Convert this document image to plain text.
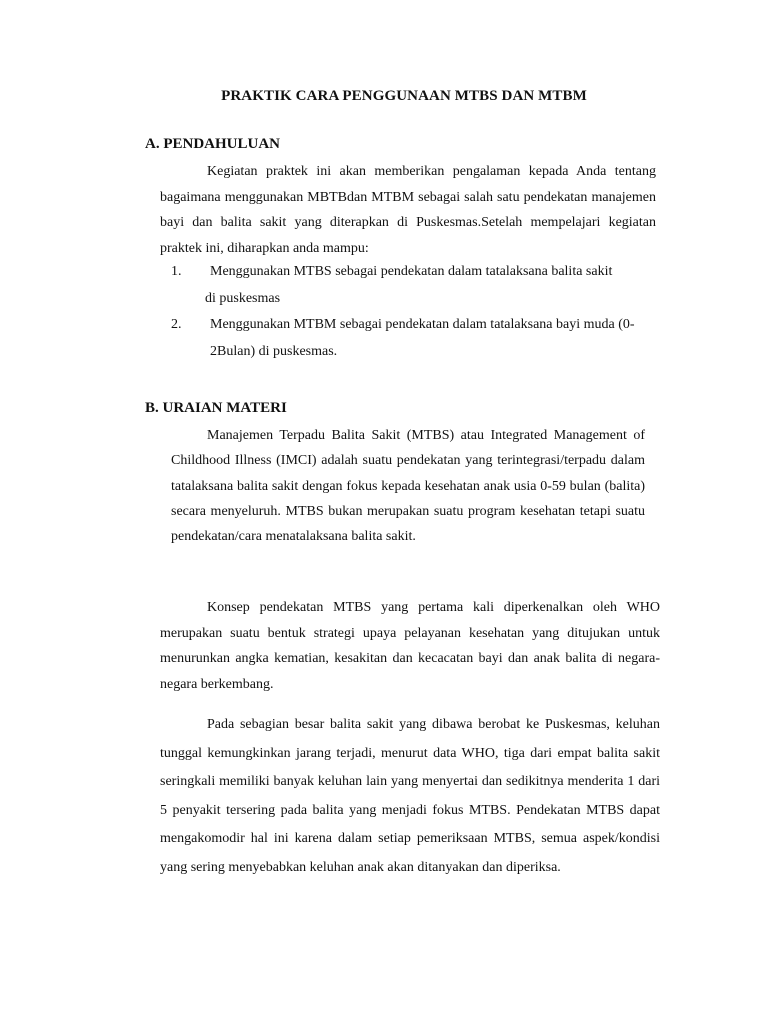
PRAKTIK CARA PENGGUNAAN MTBS DAN MTBM
A. PENDAHULUAN
Kegiatan praktek ini akan memberikan pengalaman kepada Anda tentang bagaimana menggunakan MBTBdan MTBM sebagai salah satu pendekatan manajemen bayi dan balita sakit yang diterapkan di Puskesmas.Setelah mempelajari kegiatan praktek ini, diharapkan anda mampu:
1. Menggunakan MTBS sebagai pendekatan dalam tatalaksana balita sakit
di puskesmas
2. Menggunakan MTBM sebagai pendekatan dalam tatalaksana bayi muda (0-
2Bulan) di puskesmas.
B. URAIAN MATERI
Manajemen Terpadu Balita Sakit (MTBS) atau Integrated Management of Childhood Illness (IMCI) adalah suatu pendekatan yang terintegrasi/terpadu dalam tatalaksana balita sakit dengan fokus kepada kesehatan anak usia 0-59 bulan (balita) secara menyeluruh. MTBS bukan merupakan suatu program kesehatan tetapi suatu pendekatan/cara menatalaksana balita sakit.
Konsep pendekatan MTBS yang pertama kali diperkenalkan oleh WHO merupakan suatu bentuk strategi upaya pelayanan kesehatan yang ditujukan untuk menurunkan angka kematian, kesakitan dan kecacatan bayi dan anak balita di negara-negara berkembang.
Pada sebagian besar balita sakit yang dibawa berobat ke Puskesmas, keluhan tunggal kemungkinkan jarang terjadi, menurut data WHO, tiga dari empat balita sakit seringkali memiliki banyak keluhan lain yang menyertai dan sedikitnya menderita 1 dari 5 penyakit tersering pada balita yang menjadi fokus MTBS. Pendekatan MTBS dapat mengakomodir hal ini karena dalam setiap pemeriksaan MTBS, semua aspek/kondisi yang sering menyebabkan keluhan anak akan ditanyakan dan diperiksa.
